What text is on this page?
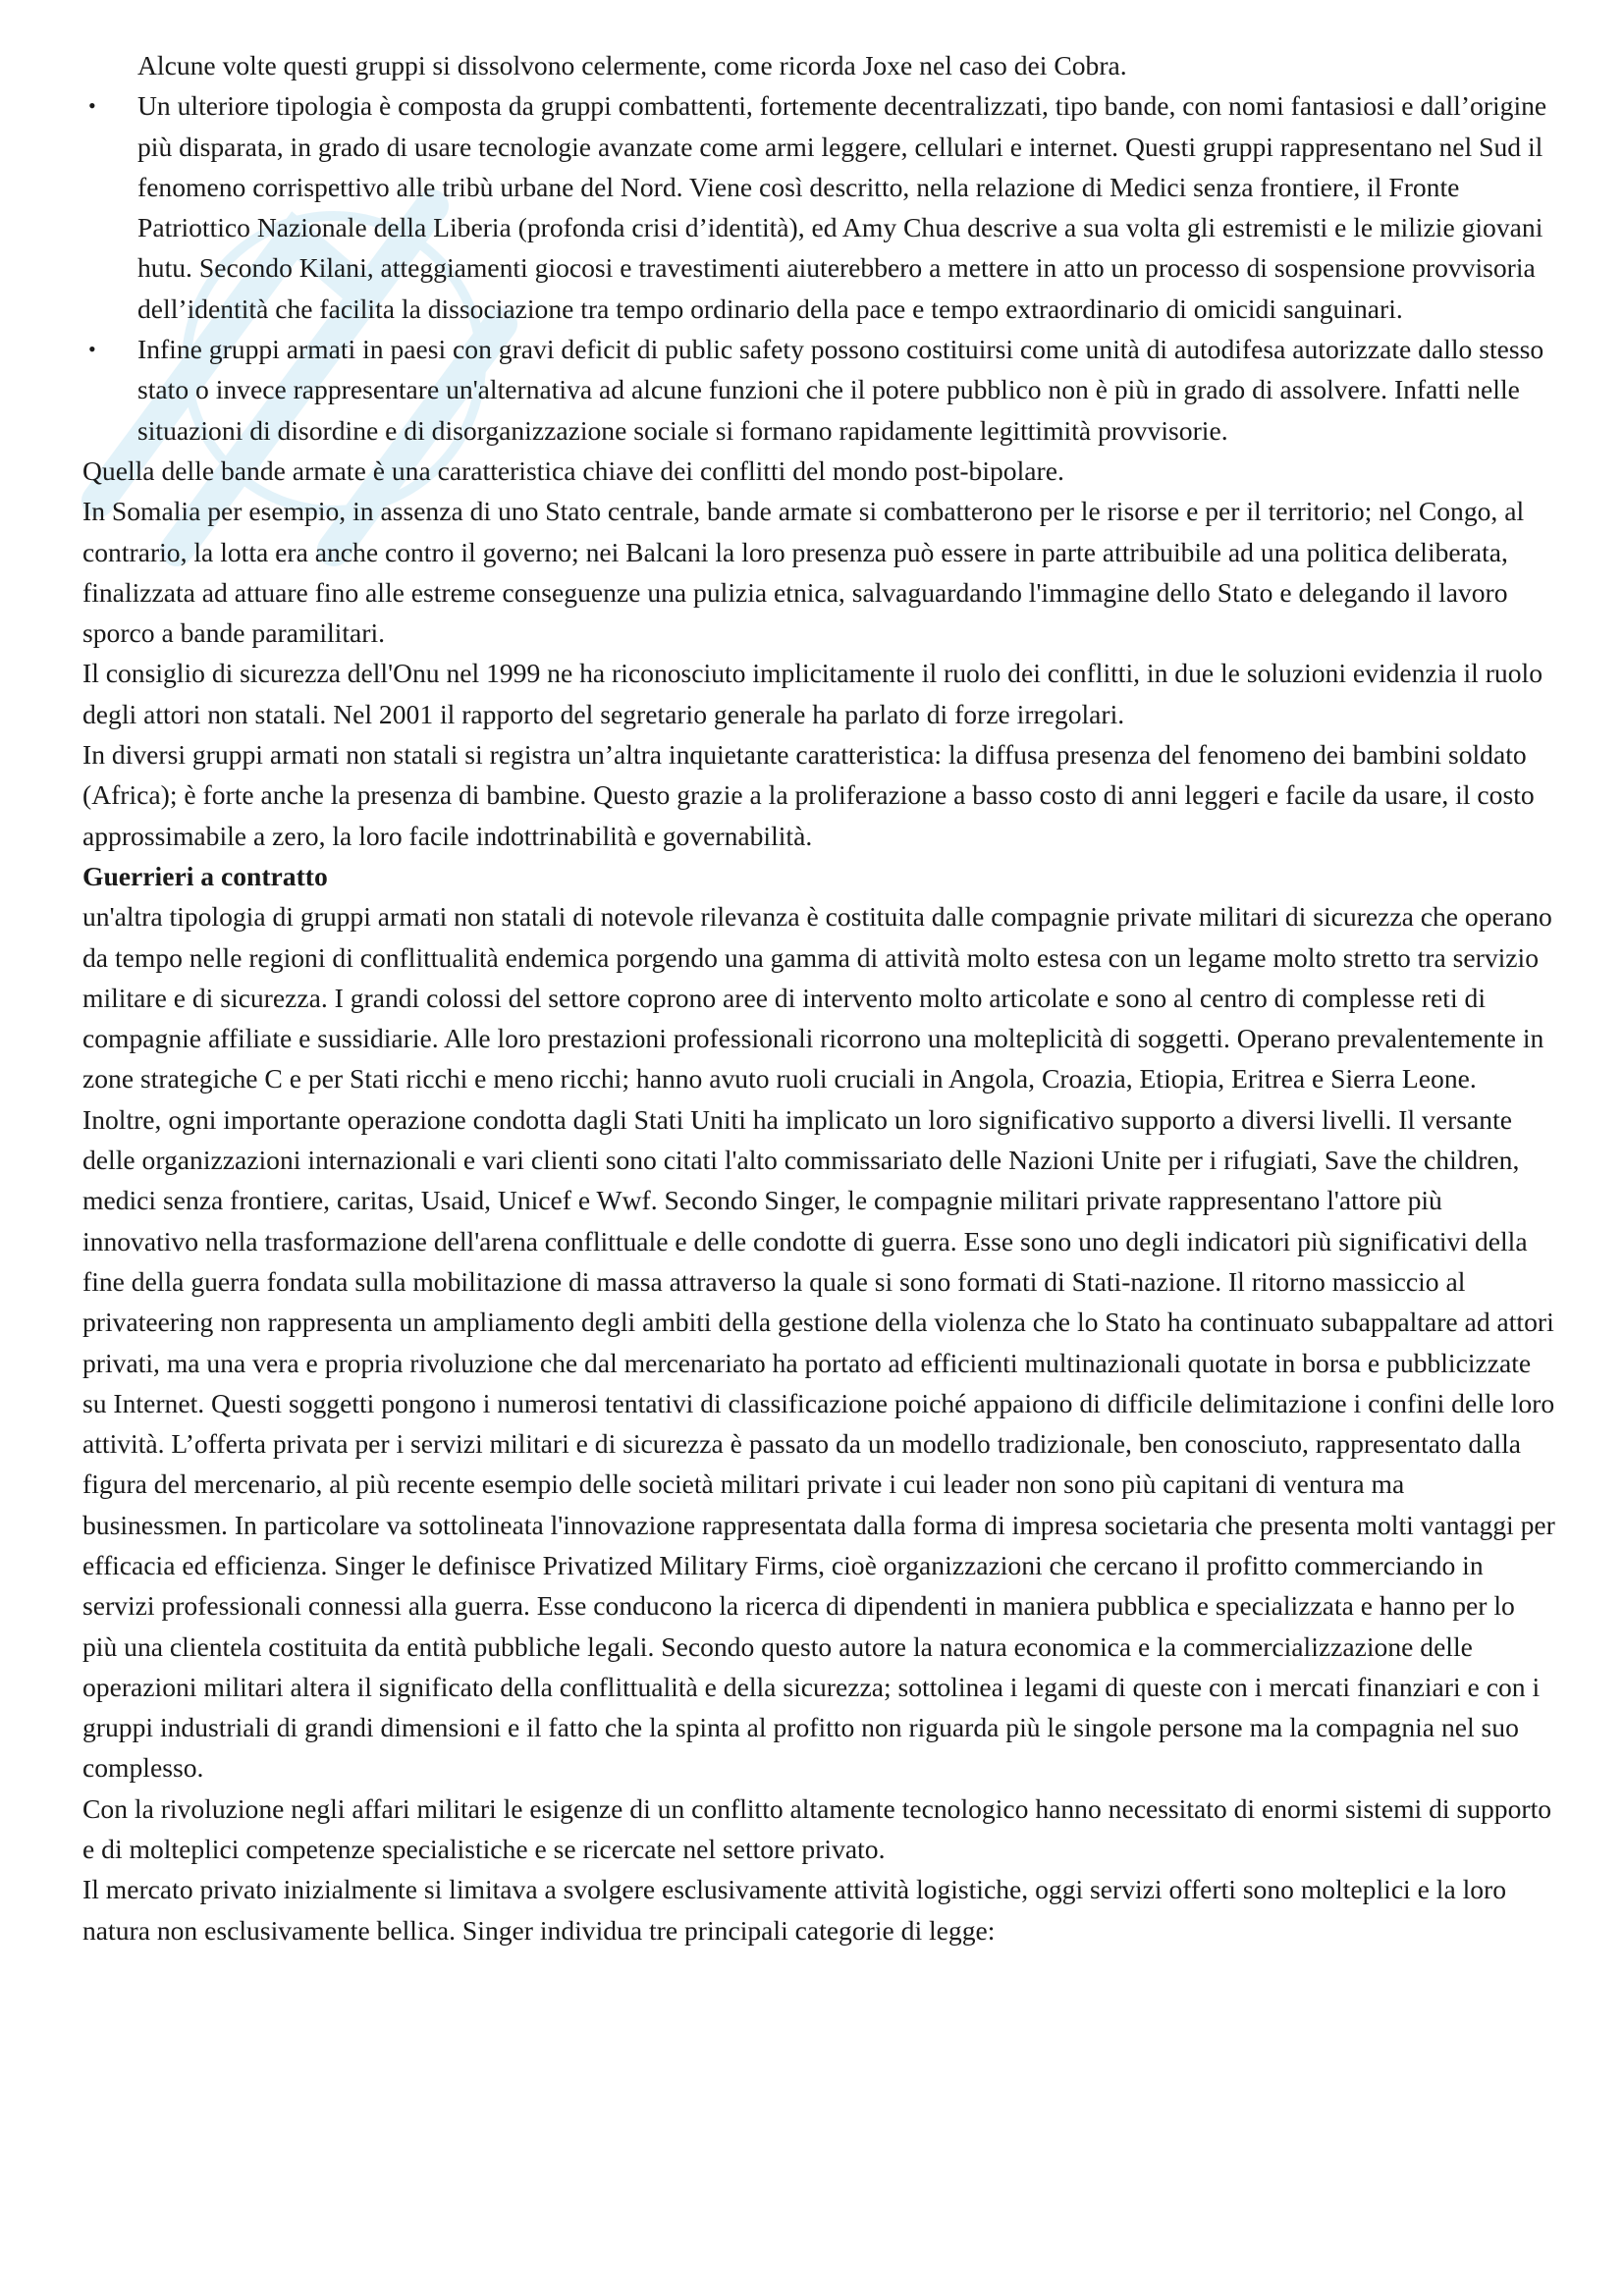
Alcune volte questi gruppi si dissolvono celermente, come ricorda Joxe nel caso dei Cobra.

•	Un ulteriore tipologia è composta da gruppi combattenti, fortemente decentralizzati, tipo bande, con nomi fantasiosi e dall’origine più disparata, in grado di usare tecnologie avanzate come armi leggere, cellulari e internet. Questi gruppi rappresentano nel Sud il fenomeno corrispettivo alle tribù urbane del Nord. Viene così descritto, nella relazione di Medici senza frontiere, il Fronte Patriottico Nazionale della Liberia (profonda crisi d’identità), ed Amy Chua descrive a sua volta gli estremisti e le milizie giovani hutu. Secondo Kilani, atteggiamenti giocosi e travestimenti aiuterebbero a mettere in atto un processo di sospensione provvisoria dell’identità che facilita la dissociazione tra tempo ordinario della pace e tempo extraordinario di omicidi sanguinari.
•	Infine gruppi armati in paesi con gravi deficit di public safety possono costituirsi come unità di autodifesa autorizzate dallo stesso stato o invece rappresentare un'alternativa ad alcune funzioni che il potere pubblico non è più in grado di assolvere. Infatti nelle situazioni di disordine e di disorganizzazione sociale si formano rapidamente legittimità provvisorie.

Quella delle bande armate è una caratteristica chiave dei conflitti del mondo post-bipolare.

In Somalia per esempio, in assenza di uno Stato centrale, bande armate si combatterono per le risorse e per il territorio; nel Congo, al contrario, la lotta era anche contro il governo; nei Balcani la loro presenza può essere in parte attribuibile ad una politica deliberata, finalizzata ad attuare fino alle estreme conseguenze una pulizia etnica, salvaguardando l'immagine dello Stato e delegando il lavoro sporco a bande paramilitari.

Il consiglio di sicurezza dell'Onu nel 1999 ne ha riconosciuto implicitamente il ruolo dei conflitti, in due le soluzioni evidenzia il ruolo degli attori non statali. Nel 2001 il rapporto del segretario generale ha parlato di forze irregolari.

In diversi gruppi armati non statali si registra un’altra inquietante caratteristica: la diffusa presenza del fenomeno dei bambini soldato (Africa); è forte anche la presenza di bambine. Questo grazie a la proliferazione a basso costo di anni leggeri e facile da usare, il costo approssimabile a zero, la loro facile indottrinabilità e governabilità.

Guerrieri a contratto

un'altra tipologia di gruppi armati non statali di notevole rilevanza è costituita dalle compagnie private militari di sicurezza che operano da tempo nelle regioni di conflittualità endemica porgendo una gamma di attività molto estesa con un legame molto stretto tra servizio militare e di sicurezza. I grandi colossi del settore coprono aree di intervento molto articolate e sono al centro di complesse reti di compagnie affiliate e sussidiarie. Alle loro prestazioni professionali ricorrono una molteplicità di soggetti. Operano prevalentemente in zone strategiche C e per Stati ricchi e meno ricchi; hanno avuto ruoli cruciali in Angola, Croazia, Etiopia, Eritrea e Sierra Leone. Inoltre, ogni importante operazione condotta dagli Stati Uniti ha implicato un loro significativo supporto a diversi livelli. Il versante delle organizzazioni internazionali e vari clienti sono citati l'alto commissariato delle Nazioni Unite per i rifugiati, Save the children, medici senza frontiere, caritas, Usaid, Unicef e Wwf. Secondo Singer, le compagnie militari private rappresentano l'attore più innovativo nella trasformazione dell'arena conflittuale e delle condotte di guerra. Esse sono uno degli indicatori più significativi della fine della guerra fondata sulla mobilitazione di massa attraverso la quale si sono formati di Stati-nazione. Il ritorno massiccio al privateering non rappresenta un ampliamento degli ambiti della gestione della violenza che lo Stato ha continuato subappaltare ad attori privati, ma una vera e propria rivoluzione che dal mercenariato ha portato ad efficienti multinazionali quotate in borsa e pubblicizzate su Internet. Questi soggetti pongono i numerosi tentativi di classificazione poiché appaiono di difficile delimitazione i confini delle loro attività. L’offerta privata per i servizi militari e di sicurezza è passato da un modello tradizionale, ben conosciuto, rappresentato dalla figura del mercenario, al più recente esempio delle società militari private i cui leader non sono più capitani di ventura ma businessmen. In particolare va sottolineata l'innovazione rappresentata dalla forma di impresa societaria che presenta molti vantaggi per efficacia ed efficienza. Singer le definisce Privatized Military Firms, cioè organizzazioni che cercano il profitto commerciando in servizi professionali connessi alla guerra. Esse conducono la ricerca di dipendenti in maniera pubblica e specializzata e hanno per lo più una clientela costituita da entità pubbliche legali. Secondo questo autore la natura economica e la commercializzazione delle operazioni militari altera il significato della conflittualità e della sicurezza; sottolinea i legami di queste con i mercati finanziari e con i gruppi industriali di grandi dimensioni e il fatto che la spinta al profitto non riguarda più le singole persone ma la compagnia nel suo complesso.

Con la rivoluzione negli affari militari le esigenze di un conflitto altamente tecnologico hanno necessitato di enormi sistemi di supporto e di molteplici competenze specialistiche e se ricercate nel settore privato.

Il mercato privato inizialmente si limitava a svolgere esclusivamente attività logistiche, oggi servizi offerti sono molteplici e la loro natura non esclusivamente bellica. Singer individua tre principali categorie di legge:
